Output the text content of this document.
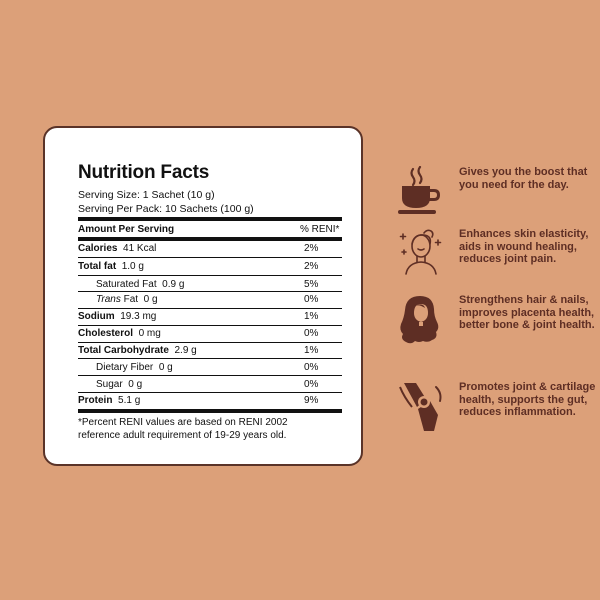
Nutrition Facts
Serving Size: 1 Sachet (10 g)
Serving Per Pack: 10 Sachets (100 g)
Amount Per Serving	% RENI*
Calories 41 Kcal	2%
Total fat 1.0 g	2%
Saturated Fat 0.9 g	5%
Trans Fat 0 g	0%
Sodium 19.3 mg	1%
Cholesterol 0 mg	0%
Total Carbohydrate 2.9 g	1%
Dietary Fiber 0 g	0%
Sugar 0 g	0%
Protein 5.1 g	9%
*Percent RENI values are based on RENI 2002
reference adult requirement of 19-29 years old.
Gives you the boost that you need for the day.
Enhances skin elasticity, aids in wound healing, reduces joint pain.
Strengthens hair & nails, improves placenta health, better bone & joint health.
Promotes joint & cartilage health, supports the gut, reduces inflammation.
